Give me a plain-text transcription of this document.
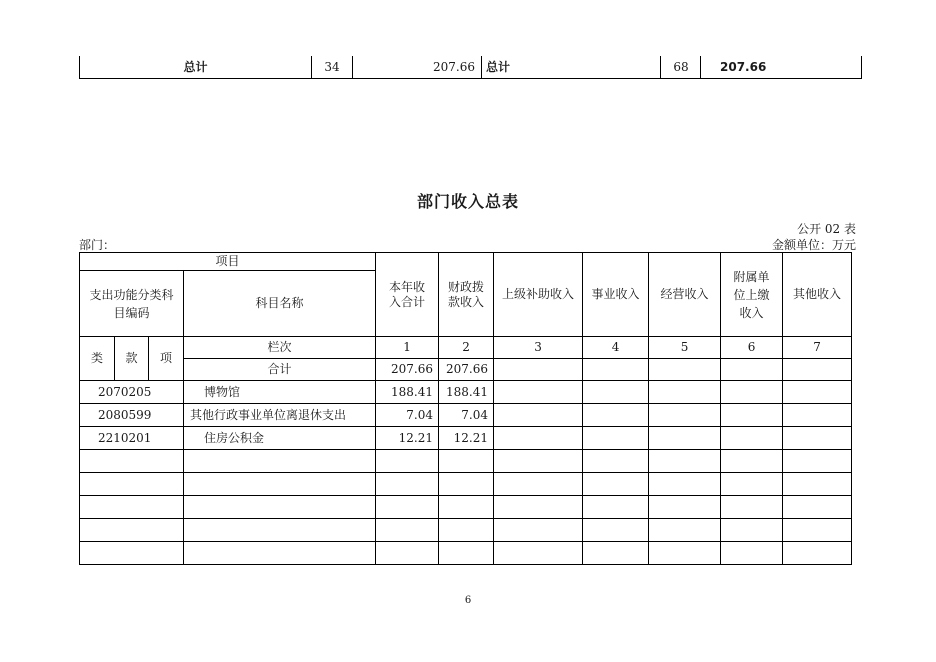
总计	34	207.66 总计	68	207.66
部门收入总表
公开 02 表
部门：	金额单位：万元
项目				本年收入合计	财政拨款收入	上级补助收入	事业收入	经营收入	附属单位上缴收入	其他收入

支出功能分类科目编码			科目名称							
类	款	项	栏次	1	2	3	4	5	6	7
			合计	207.66	207.66					
2070205			博物馆	188.41	188.41					
2080599			其他行政事业单位离退休支出	7.04	7.04					
2210201			住房公积金	12.21	12.21					

6
